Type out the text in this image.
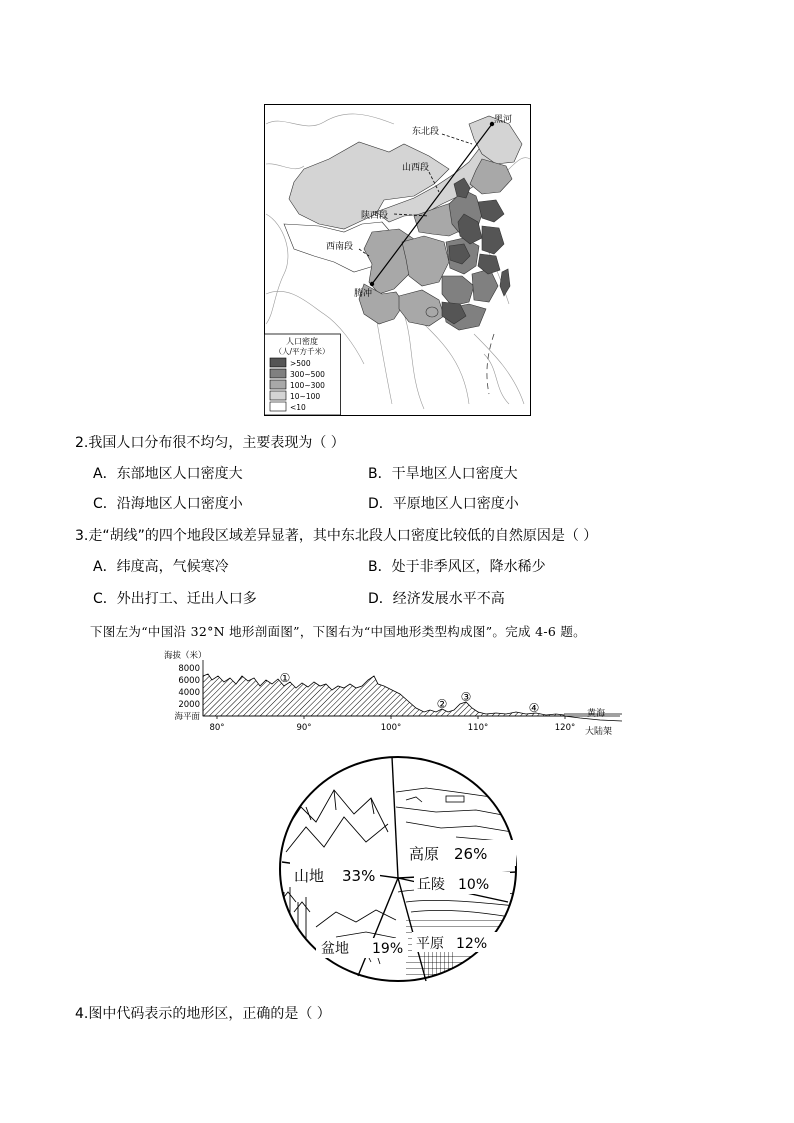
黑河
东北段
山西段
陕西段
西南段
腾冲
人口密度
（人/平方千米）
>500
300~500
100~300
10~100
<10
2.我国人口分布很不均匀，主要表现为（ ）
A．东部地区人口密度大	B．干旱地区人口密度大
C．沿海地区人口密度小	D．平原地区人口密度小
3.走“胡线”的四个地段区域差异显著，其中东北段人口密度比较低的自然原因是（ ）
A．纬度高，气候寒冷	B．处于非季风区，降水稀少
C．外出打工、迁出人口多	D．经济发展水平不高
下图左为“中国沿 32°N 地形剖面图”，下图右为“中国地形类型构成图”。完成 4-6 题。
海拔（米）
8000
6000
4000
2000
海平面
80°	90°	100°	110°	120°
①
② ③
④	黄海
大陆架
高原 26%
山地 33%	丘陵 10%
盆地 19% 平原 12%
4.图中代码表示的地形区，正确的是（ ）
